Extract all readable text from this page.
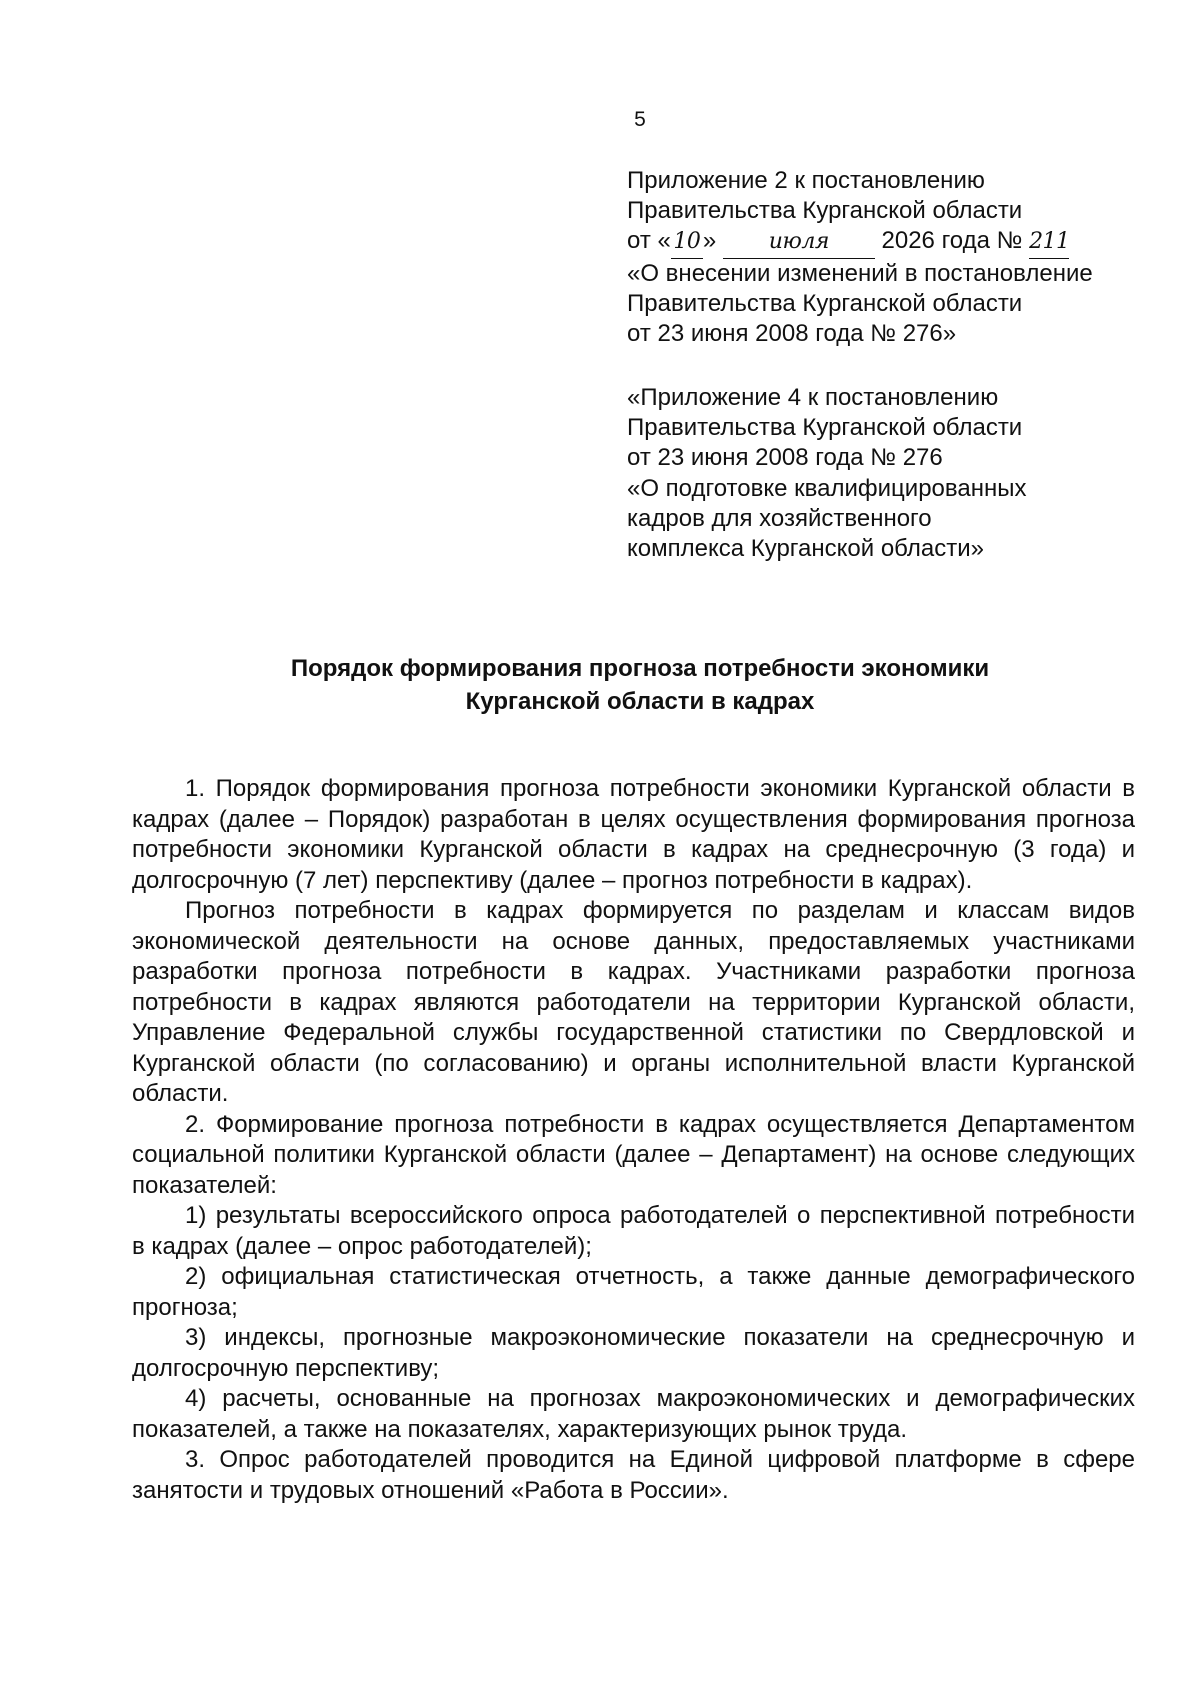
5
Приложение 2 к постановлению
Правительства Курганской области
от « 10 » июля 2026 года № 211
«О внесении изменений в постановление
Правительства Курганской области
от 23 июня 2008 года № 276»
«Приложение 4 к постановлению
Правительства Курганской области
от 23 июня 2008 года № 276
«О подготовке квалифицированных
кадров для хозяйственного
комплекса Курганской области»
Порядок формирования прогноза потребности экономики
Курганской области в кадрах

1. Порядок формирования прогноза потребности экономики Курганской области в кадрах (далее – Порядок) разработан в целях осуществления формирования прогноза потребности экономики Курганской области в кадрах на среднесрочную (3 года) и долгосрочную (7 лет) перспективу (далее – прогноз потребности в кадрах).

Прогноз потребности в кадрах формируется по разделам и классам видов экономической деятельности на основе данных, предоставляемых участниками разработки прогноза потребности в кадрах. Участниками разработки прогноза потребности в кадрах являются работодатели на территории Курганской области, Управление Федеральной службы государственной статистики по Свердловской и Курганской области (по согласованию) и органы исполнительной власти Курганской области.

2. Формирование прогноза потребности в кадрах осуществляется Департаментом социальной политики Курганской области (далее – Департамент) на основе следующих показателей:

1) результаты всероссийского опроса работодателей о перспективной потребности в кадрах (далее – опрос работодателей);

2) официальная статистическая отчетность, а также данные демографического прогноза;

3) индексы, прогнозные макроэкономические показатели на среднесрочную и долгосрочную перспективу;

4) расчеты, основанные на прогнозах макроэкономических и демографических показателей, а также на показателях, характеризующих рынок труда.

3. Опрос работодателей проводится на Единой цифровой платформе в сфере занятости и трудовых отношений «Работа в России».
